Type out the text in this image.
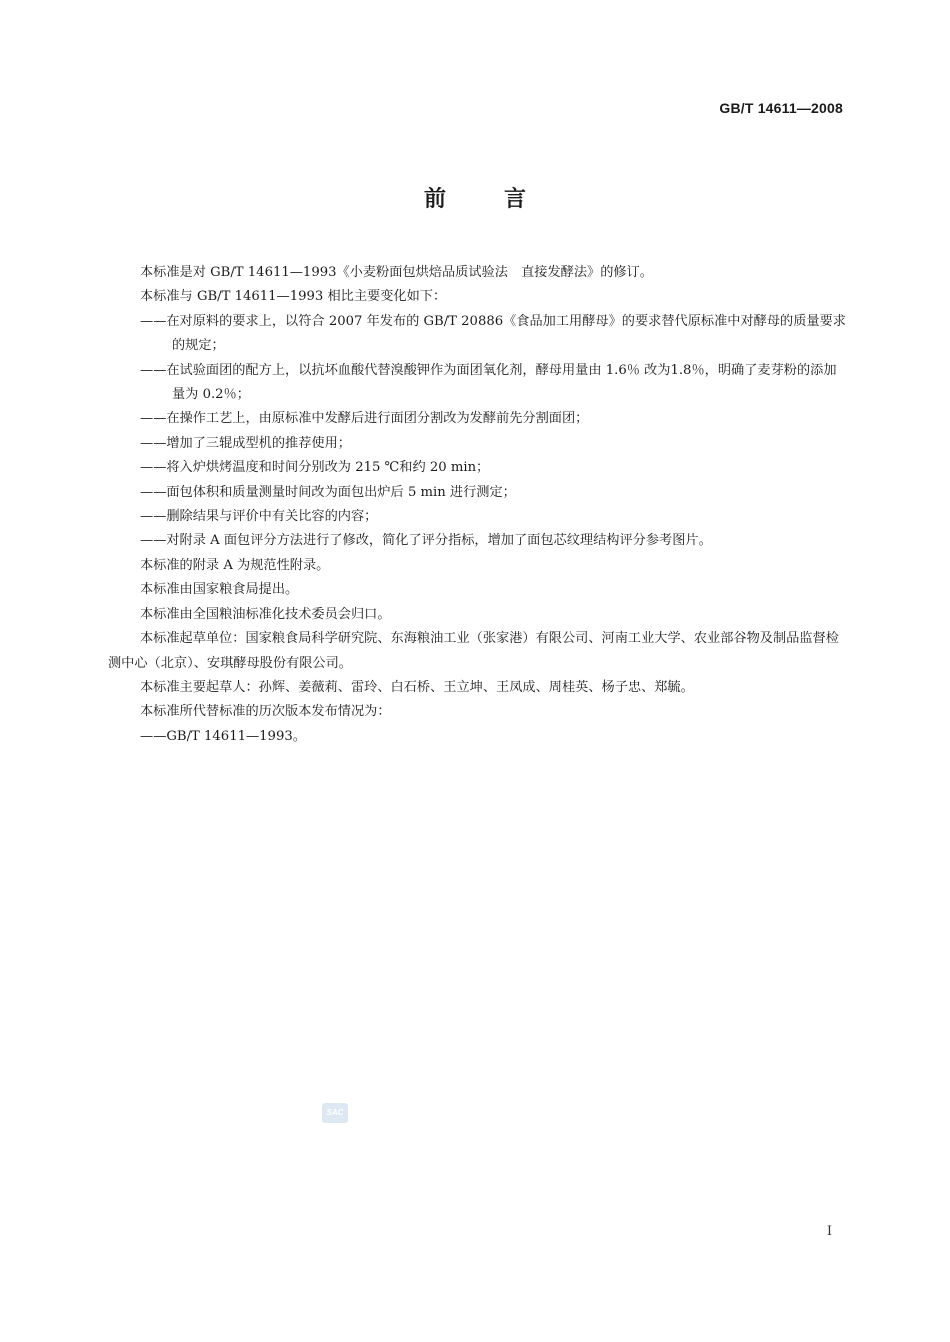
GB/T 14611—2008
前言

本标准是对 GB/T 14611—1993《小麦粉面包烘焙品质试验法　直接发酵法》的修订。

本标准与 GB/T 14611—1993 相比主要变化如下：

——在对原料的要求上，以符合 2007 年发布的 GB/T 20886《食品加工用酵母》的要求替代原标准中对酵母的质量要求的规定；

——在试验面团的配方上，以抗坏血酸代替溴酸钾作为面团氧化剂，酵母用量由 1.6％ 改为1.8％，明确了麦芽粉的添加量为 0.2％；

——在操作工艺上，由原标准中发酵后进行面团分割改为发酵前先分割面团；

——增加了三辊成型机的推荐使用；

——将入炉烘烤温度和时间分别改为 215 ℃和约 20 min；

——面包体积和质量测量时间改为面包出炉后 5 min 进行测定；

——删除结果与评价中有关比容的内容；

——对附录 A 面包评分方法进行了修改，简化了评分指标，增加了面包芯纹理结构评分参考图片。

本标准的附录 A 为规范性附录。

本标准由国家粮食局提出。

本标准由全国粮油标准化技术委员会归口。

本标准起草单位：国家粮食局科学研究院、东海粮油工业（张家港）有限公司、河南工业大学、农业部谷物及制品监督检测中心（北京）、安琪酵母股份有限公司。

本标准主要起草人：孙辉、姜薇莉、雷玲、白石桥、王立坤、王凤成、周桂英、杨子忠、郑毓。

本标准所代替标准的历次版本发布情况为：

——GB/T 14611—1993。

SAC
I
